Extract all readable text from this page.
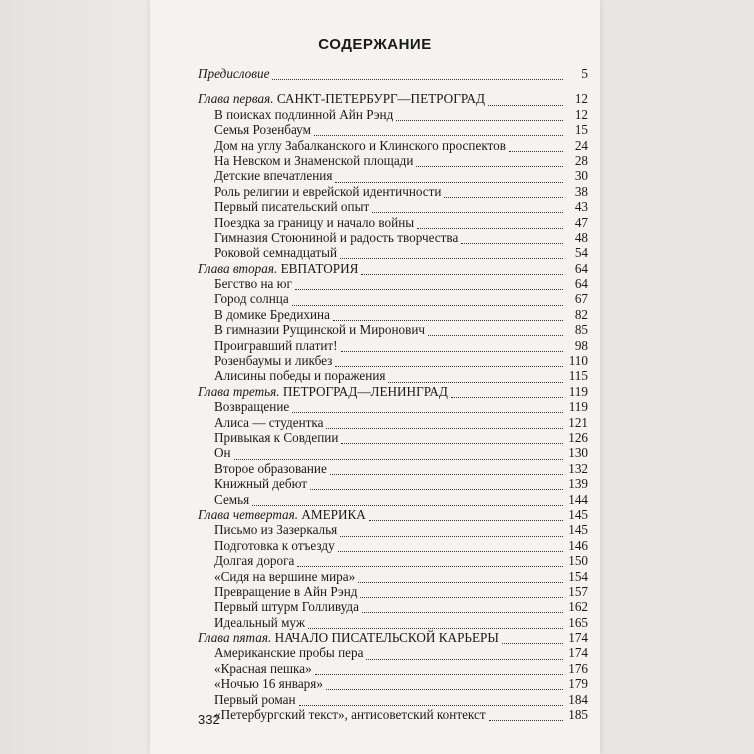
СОДЕРЖАНИЕ
Предисловие	5
Глава первая. САНКТ-ПЕТЕРБУРГ—ПЕТРОГРАД	12
В поисках подлинной Айн Рэнд	12
Семья Розенбаум	15
Дом на углу Забалканского и Клинского проспектов	24
На Невском и Знаменской площади	28
Детские впечатления	30
Роль религии и еврейской идентичности	38
Первый писательский опыт	43
Поездка за границу и начало войны	47
Гимназия Стоюниной и радость творчества	48
Роковой семнадцатый	54
Глава вторая. ЕВПАТОРИЯ	64
Бегство на юг	64
Город солнца	67
В домике Бредихина	82
В гимназии Рущинской и Миронович	85
Проигравший платит!	98
Розенбаумы и ликбез	110
Алисины победы и поражения	115
Глава третья. ПЕТРОГРАД—ЛЕНИНГРАД	119
Возвращение	119
Алиса — студентка	121
Привыкая к Совдепии	126
Он	130
Второе образование	132
Книжный дебют	139
Семья	144
Глава четвертая. АМЕРИКА	145
Письмо из Зазеркалья	145
Подготовка к отъезду	146
Долгая дорога	150
«Сидя на вершине мира»	154
Превращение в Айн Рэнд	157
Первый штурм Голливуда	162
Идеальный муж	165
Глава пятая. НАЧАЛО ПИСАТЕЛЬСКОЙ КАРЬЕРЫ	174
Американские пробы пера	174
«Красная пешка»	176
«Ночью 16 января»	179
Первый роман	184
«Петербургский текст», антисоветский контекст	185
332
